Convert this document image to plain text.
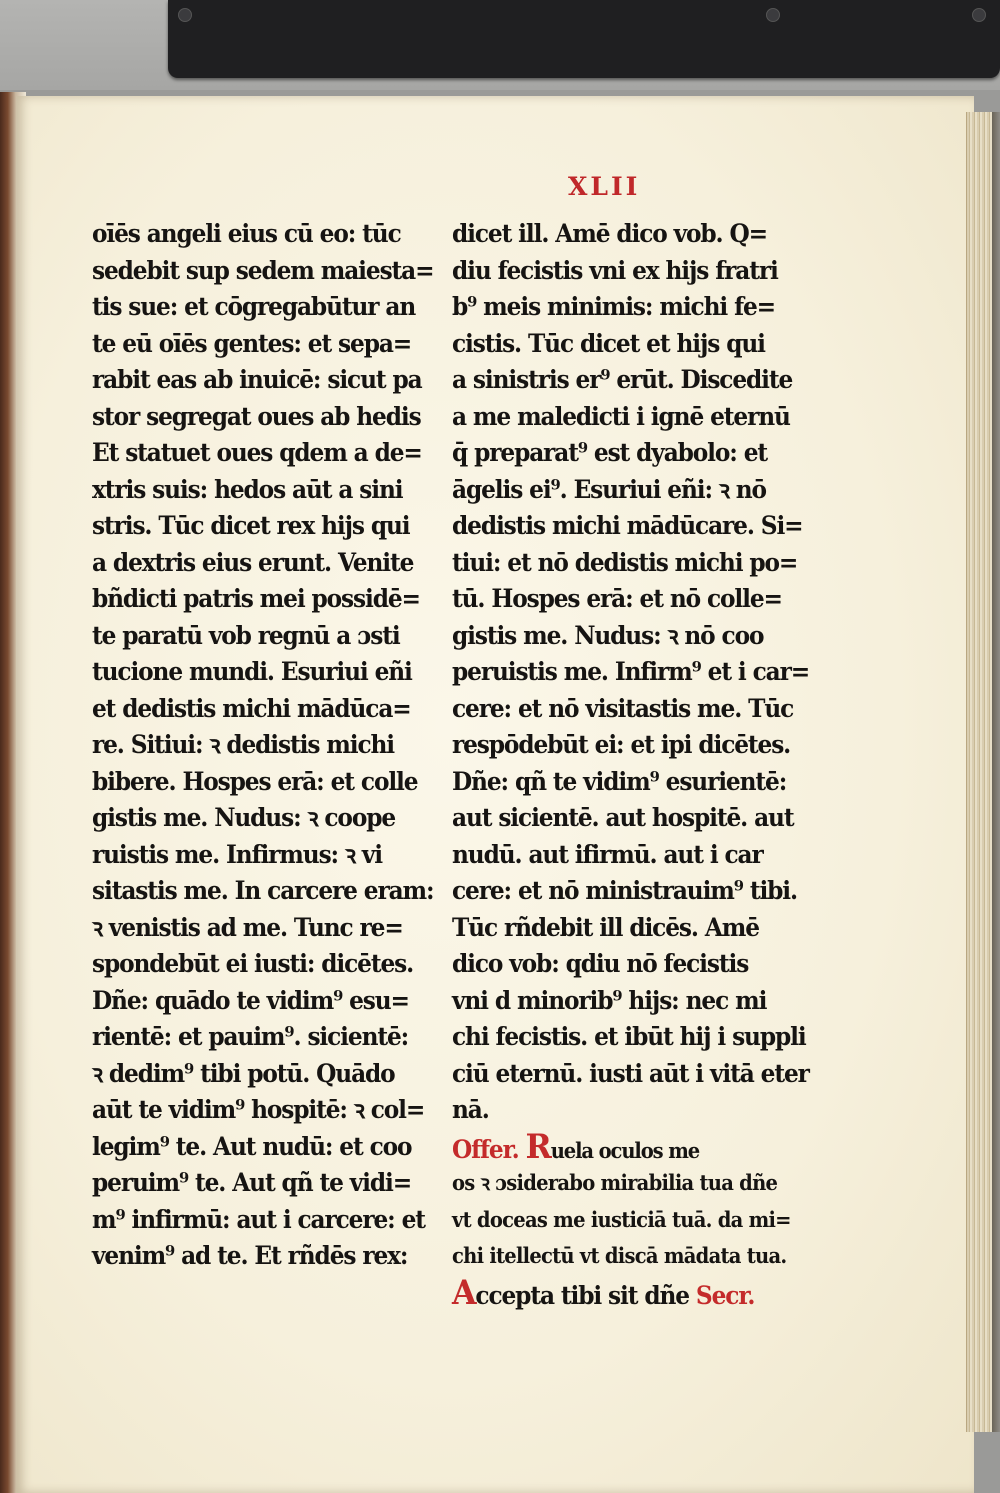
XLII
oīēs angeli eius cū eo: tūc
sedebit sup sedem maiesta=
tis sue: et cōgregabūtur an
te eū oīēs gentes: et sepa=
rabit eas ab inuicē: sicut pa
stor segregat oues ab hedis
Et statuet oues qdem a de=
xtris suis: hedos aūt a sini
stris. Tūc dicet rex hijs qui
a dextris eius erunt. Venite
bñdicti patris mei possidē=
te paratū vob regnū a ɔsti
tucione mundi. Esuriui eñi
et dedistis michi mādūca=
re. Sitiui: ꝛ dedistis michi
bibere. Hospes erā: et colle
gistis me. Nudus: ꝛ coope
ruistis me. Infirmus: ꝛ vi
sitastis me. In carcere eram:
ꝛ venistis ad me. Tunc re=
spondebūt ei iusti: dicētes.
Dñe: quādo te vidim⁹ esu=
rientē: et pauim⁹. sicientē:
ꝛ dedim⁹ tibi potū. Quādo
aūt te vidim⁹ hospitē: ꝛ col=
legim⁹ te. Aut nudū: et coo
peruim⁹ te. Aut qñ te vidi=
m⁹ infirmū: aut i carcere: et
venim⁹ ad te. Et rñdēs rex:
dicet ill. Amē dico vob. Q=
diu fecistis vni ex hijs fratri
b⁹ meis minimis: michi fe=
cistis. Tūc dicet et hijs qui
a sinistris er⁹ erūt. Discedite
a me maledicti i ignē eternū
q̄ preparat⁹ est dyabolo: et
āgelis ei⁹. Esuriui eñi: ꝛ nō
dedistis michi mādūcare. Si=
tiui: et nō dedistis michi po=
tū. Hospes erā: et nō colle=
gistis me. Nudus: ꝛ nō coo
peruistis me. Infirm⁹ et i car=
cere: et nō visitastis me. Tūc
respōdebūt ei: et ipi dicētes.
Dñe: qñ te vidim⁹ esurientē:
aut sicientē. aut hospitē. aut
nudū. aut ifirmū. aut i car
cere: et nō ministrauim⁹ tibi.
Tūc rñdebit ill dicēs. Amē
dico vob: qdiu nō fecistis
vni d minorib⁹ hijs: nec mi
chi fecistis. et ibūt hij i suppli
ciū eternū. iusti aūt i vitā eter
nā.
Offer. Ruela oculos me
os ꝛ ɔsiderabo mirabilia tua dñe
vt doceas me iusticiā tuā. da mi=
chi itellectū vt discā mādata tua.
Accepta tibi sit dñe Secr.
